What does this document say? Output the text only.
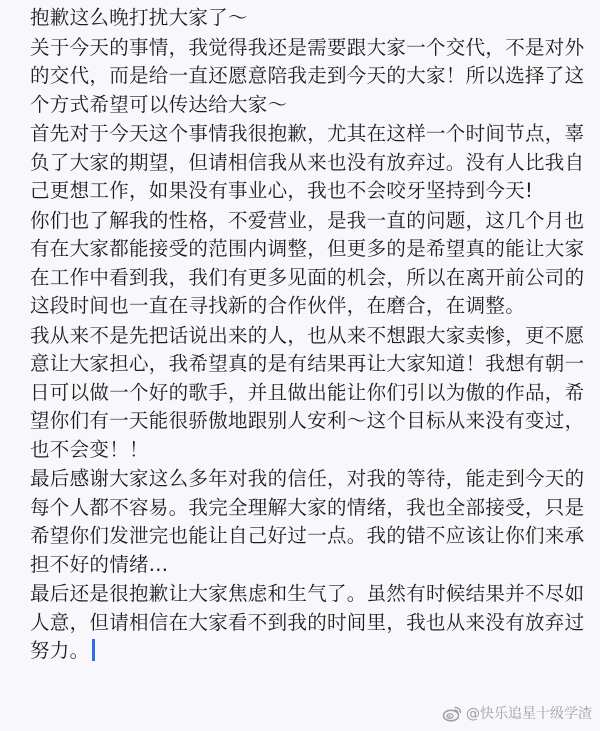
抱歉这么晚打扰大家了～

关于今天的事情，我觉得我还是需要跟大家一个交代，不是对外的交代，而是给一直还愿意陪我走到今天的大家！所以选择了这个方式希望可以传达给大家～

首先对于今天这个事情我很抱歉，尤其在这样一个时间节点，辜负了大家的期望，但请相信我从来也没有放弃过。没有人比我自己更想工作，如果没有事业心，我也不会咬牙坚持到今天!

你们也了解我的性格，不爱营业，是我一直的问题，这几个月也有在大家都能接受的范围内调整，但更多的是希望真的能让大家在工作中看到我，我们有更多见面的机会，所以在离开前公司的这段时间也一直在寻找新的合作伙伴，在磨合，在调整。

我从来不是先把话说出来的人，也从来不想跟大家卖惨，更不愿意让大家担心，我希望真的是有结果再让大家知道！我想有朝一日可以做一个好的歌手，并且做出能让你们引以为傲的作品，希望你们有一天能很骄傲地跟别人安利～这个目标从来没有变过，也不会变！！

最后感谢大家这么多年对我的信任，对我的等待，能走到今天的每个人都不容易。我完全理解大家的情绪，我也全部接受，只是希望你们发泄完也能让自己好过一点。我的错不应该让你们来承担不好的情绪...

最后还是很抱歉让大家焦虑和生气了。虽然有时候结果并不尽如人意，但请相信在大家看不到我的时间里，我也从来没有放弃过努力。

@快乐追星十级学渣
